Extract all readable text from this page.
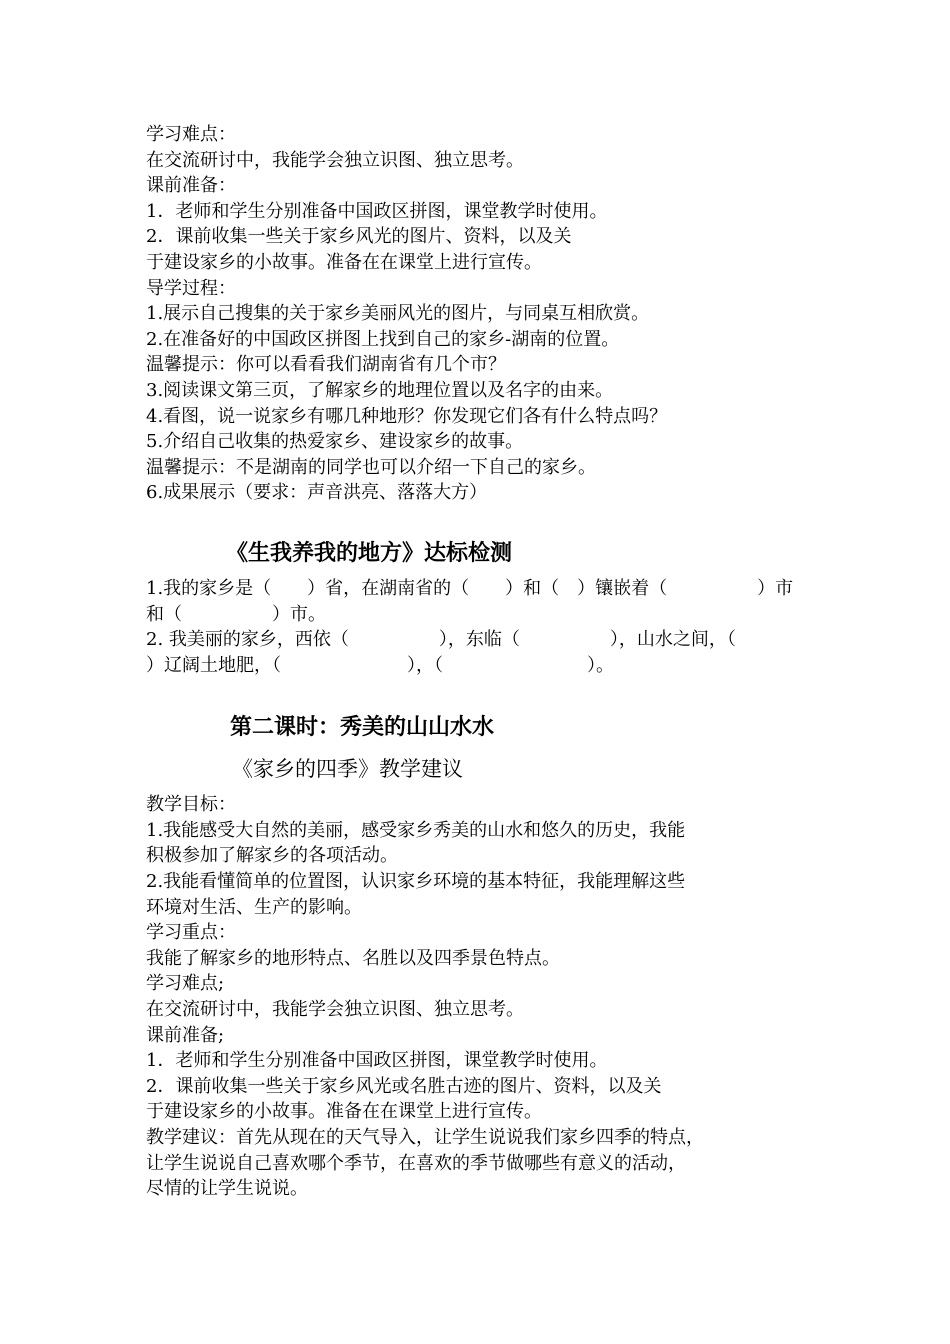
学习难点：
在交流研讨中，我能学会独立识图、独立思考。
课前准备：
1．老师和学生分别准备中国政区拼图，课堂教学时使用。
2．课前收集一些关于家乡风光的图片、资料，以及关
于建设家乡的小故事。准备在在课堂上进行宣传。
导学过程：
1.展示自己搜集的关于家乡美丽风光的图片，与同桌互相欣赏。
2.在准备好的中国政区拼图上找到自己的家乡-湖南的位置。
温馨提示：你可以看看我们湖南省有几个市？
3.阅读课文第三页，了解家乡的地理位置以及名字的由来。
4.看图，说一说家乡有哪几种地形？你发现它们各有什么特点吗？
5.介绍自己收集的热爱家乡、建设家乡的故事。
温馨提示：不是湖南的同学也可以介绍一下自己的家乡。
6.成果展示（要求：声音洪亮、落落大方）
《生我养我的地方》达标检测
1.我的家乡是（　　）省，在湖南省的（　　）和（　）镶嵌着（　　　　　）市
和（　　　　　）市。
2. 我美丽的家乡，西依（　　　　　），东临（　　　　　），山水之间，（
）辽阔土地肥，（　　　　　　　），（　　　　　　　　）。
第二课时：秀美的山山水水
《家乡的四季》教学建议
教学目标：
1.我能感受大自然的美丽，感受家乡秀美的山水和悠久的历史，我能
积极参加了解家乡的各项活动。
2.我能看懂简单的位置图，认识家乡环境的基本特征，我能理解这些
环境对生活、生产的影响。
学习重点：
我能了解家乡的地形特点、名胜以及四季景色特点。
学习难点;
在交流研讨中，我能学会独立识图、独立思考。
课前准备;
1．老师和学生分别准备中国政区拼图，课堂教学时使用。
2．课前收集一些关于家乡风光或名胜古迹的图片、资料，以及关
于建设家乡的小故事。准备在在课堂上进行宣传。
教学建议：首先从现在的天气导入，让学生说说我们家乡四季的特点，
让学生说说自己喜欢哪个季节，在喜欢的季节做哪些有意义的活动，
尽情的让学生说说。
